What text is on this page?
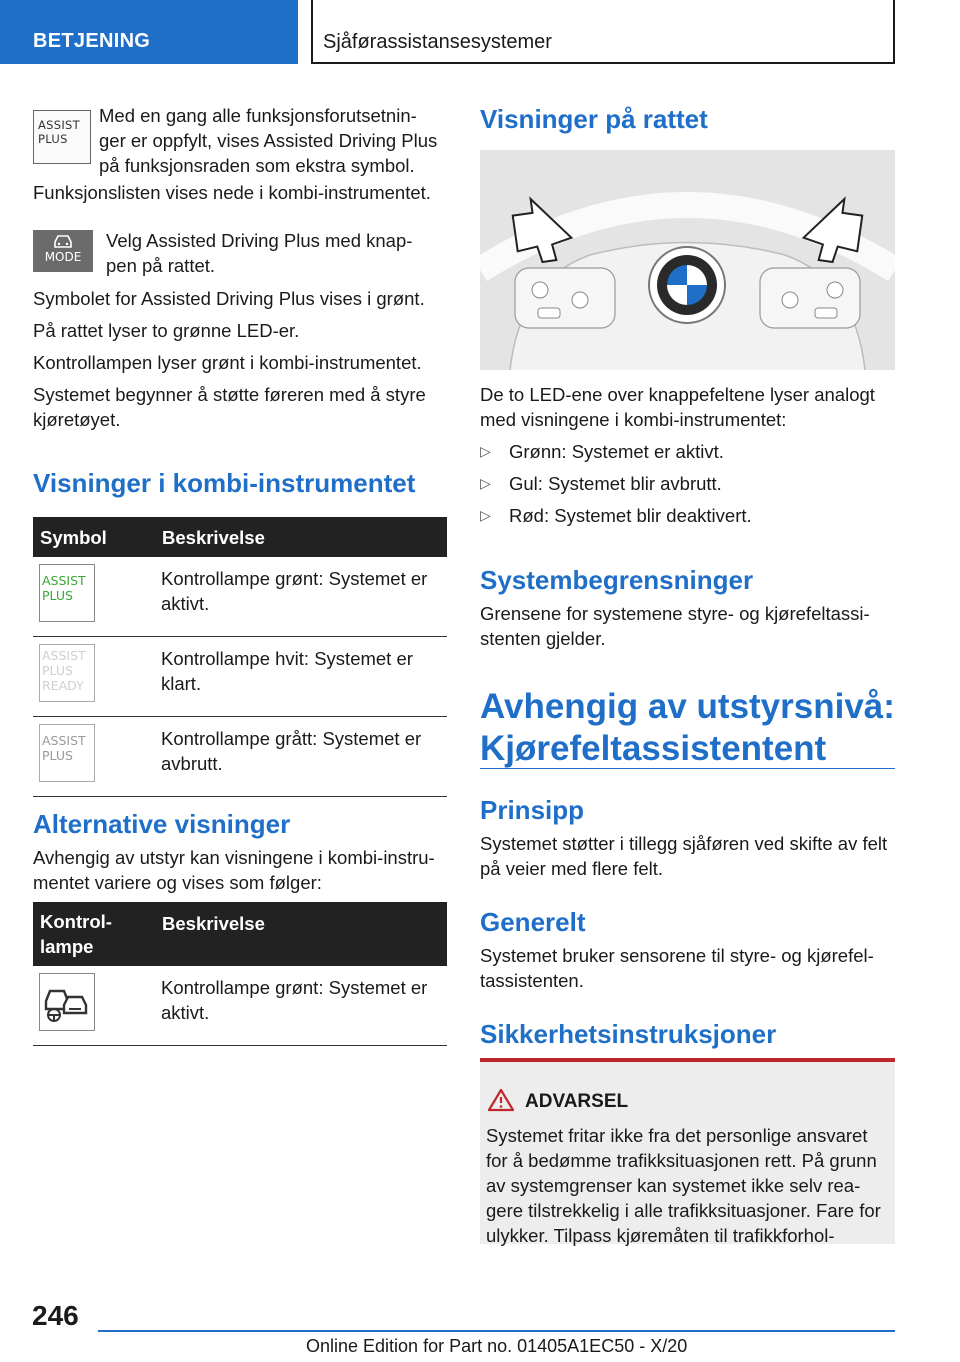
BETJENING	Sjåførassistansesystemer
ASSIST
PLUS
Med en gang alle funksjonsforutsetnin-
ger er oppfylt, vises Assisted Driving Plus
på funksjonsraden som ekstra symbol.
Funksjonslisten vises nede i kombi-instrumentet.
MODE
Velg Assisted Driving Plus med knap-
pen på rattet.
Symbolet for Assisted Driving Plus vises i grønt.
På rattet lyser to grønne LED-er.
Kontrollampen lyser grønt i kombi-instrumentet.
Systemet begynner å støtte føreren med å styre kjøretøyet.
Visninger i kombi-instrumentet
Symbol	Beskrivelse

ASSIST
PLUS	Kontrollampe grønt: Systemet er aktivt.

ASSIST
PLUS
READY	Kontrollampe hvit: Systemet er klart.

ASSIST
PLUS	Kontrollampe grått: Systemet er avbrutt.
Alternative visninger
Avhengig av utstyr kan visningene i kombi-instru-mentet variere og vises som følger:
Kontrol-
lampe	Beskrivelse

	Kontrollampe grønt: Systemet er aktivt.
Visninger på rattet
De to LED-ene over knappefeltene lyser analogt med visningene i kombi-instrumentet:
▷ Grønn: Systemet er aktivt.
▷ Gul: Systemet blir avbrutt.
▷ Rød: Systemet blir deaktivert.
Systembegrensninger
Grensene for systemene styre- og kjørefeltassi-stenten gjelder.
Avhengig av utstyrsnivå:
Kjørefeltassistentent
Prinsipp
Systemet støtter i tillegg sjåføren ved skifte av felt på veier med flere felt.
Generelt
Systemet bruker sensorene til styre- og kjørefel-tassistenten.
Sikkerhetsinstruksjoner
ADVARSEL
Systemet fritar ikke fra det personlige ansvaret for å bedømme trafikksituasjonen rett. På grunn av systemgrenser kan systemet ikke selv rea-gere tilstrekkelig i alle trafikksituasjoner. Fare for ulykker. Tilpass kjøremåten til trafikkforhol-
246
Online Edition for Part no. 01405A1EC50 - X/20
